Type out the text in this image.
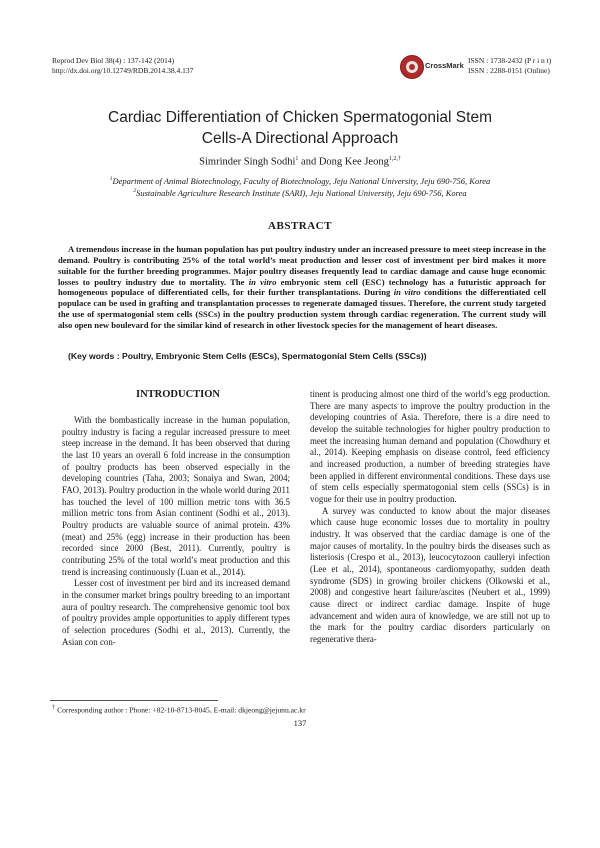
Reprod Dev Biol 38(4) : 137-142 (2014)
http://dx.doi.org/10.12749/RDB.2014.38.4.137
CrossMark
ISSN : 1738-2432 (P r i n t)
ISSN : 2288-0151 (Online)
Cardiac Differentiation of Chicken Spermatogonial Stem
Cells-A Directional Approach
Simrinder Singh Sodhi$^1$ and Dong Kee Jeong$^{1,2,\dagger}$
$^1$Department of Animal Biotechnology, Faculty of Biotechnology, Jeju National University, Jeju 690-756, Korea
$^2$Sustainable Agriculture Research Institute (SARI), Jeju National University, Jeju 690-756, Korea
ABSTRACT

A tremendous increase in the human population has put poultry industry under an increased pressure to meet steep increase in the demand. Poultry is contributing 25% of the total world’s meat production and lesser cost of investment per bird makes it more suitable for the further breeding programmes. Major poultry diseases frequently lead to cardiac damage and cause huge economic losses to poultry industry due to mortality. The in vitro embryonic stem cell (ESC) technology has a futuristic approach for homogeneous populace of differentiated cells, for their further transplantations. During in vitro conditions the differentiated cell populace can be used in grafting and transplantation processes to regenerate damaged tissues. Therefore, the current study targeted the use of spermatogonial stem cells (SSCs) in the poultry production system through cardiac regeneration. The current study will also open new boulevard for the similar kind of research in other livestock species for the management of heart diseases.

(Key words : Poultry, Embryonic Stem Cells (ESCs), Spermatogonial Stem Cells (SSCs))
INTRODUCTION

With the bombastically increase in the human population, poultry industry is facing a regular increased pressure to meet steep increase in the demand. It has been observed that during the last 10 years an overall 6 fold increase in the consumption of poultry products has been observed especially in the developing countries (Taha, 2003; Sonaiya and Swan, 2004; FAO, 2013). Poultry production in the whole world during 2011 has touched the level of 100 million metric tons with 36.5 million metric tons from Asian continent (Sodhi et al., 2013). Poultry products are valuable source of animal protein. 43% (meat) and 25% (egg) increase in their production has been recorded since 2000 (Best, 2011). Currently, poultry is contributing 25% of the total world’s meat production and this trend is increasing continuously (Luan et al., 2014).

Lesser cost of investment per bird and its increased demand in the consumer market brings poultry breeding to an important aura of poultry research. The comprehensive genomic tool box of poultry provides ample opportunities to apply different types of selection procedures (Sodhi et al., 2013). Currently, the Asian con con-

tinent is producing almost one third of the world’s egg production. There are many aspects to improve the poultry production in the developing countries of Asia. Therefore, there is a dire need to develop the suitable technologies for higher poultry production to meet the increasing human demand and population (Chowdhury et al., 2014). Keeping emphasis on disease control, feed efficiency and increased production, a number of breeding strategies have been applied in different environmental conditions. These days use of stem cells especially spermatogonial stem cells (SSCs) is in vogue for their use in poultry production.

A survey was conducted to know about the major diseases which cause huge economic losses due to mortality in poultry industry. It was observed that the cardiac damage is one of the major causes of mortality. In the poultry birds the diseases such as listeriosis (Crespo et al., 2013), leucocytozoon caulleryi infection (Lee et al., 2014), spontaneous cardiomyopathy, sudden death syndrome (SDS) in growing broiler chickens (Olkowski et al., 2008) and congestive heart failure/ascites (Neubert et al., 1999) cause direct or indirect cardiac damage. Inspite of huge advancement and widen aura of knowledge, we are still not up to the mark for the poultry cardiac disorders particularly on regenerative thera-

† Corresponding author : Phone: +82-10-8713-8045, E-mail: dkjeong@jejunu.ac.kr
137
